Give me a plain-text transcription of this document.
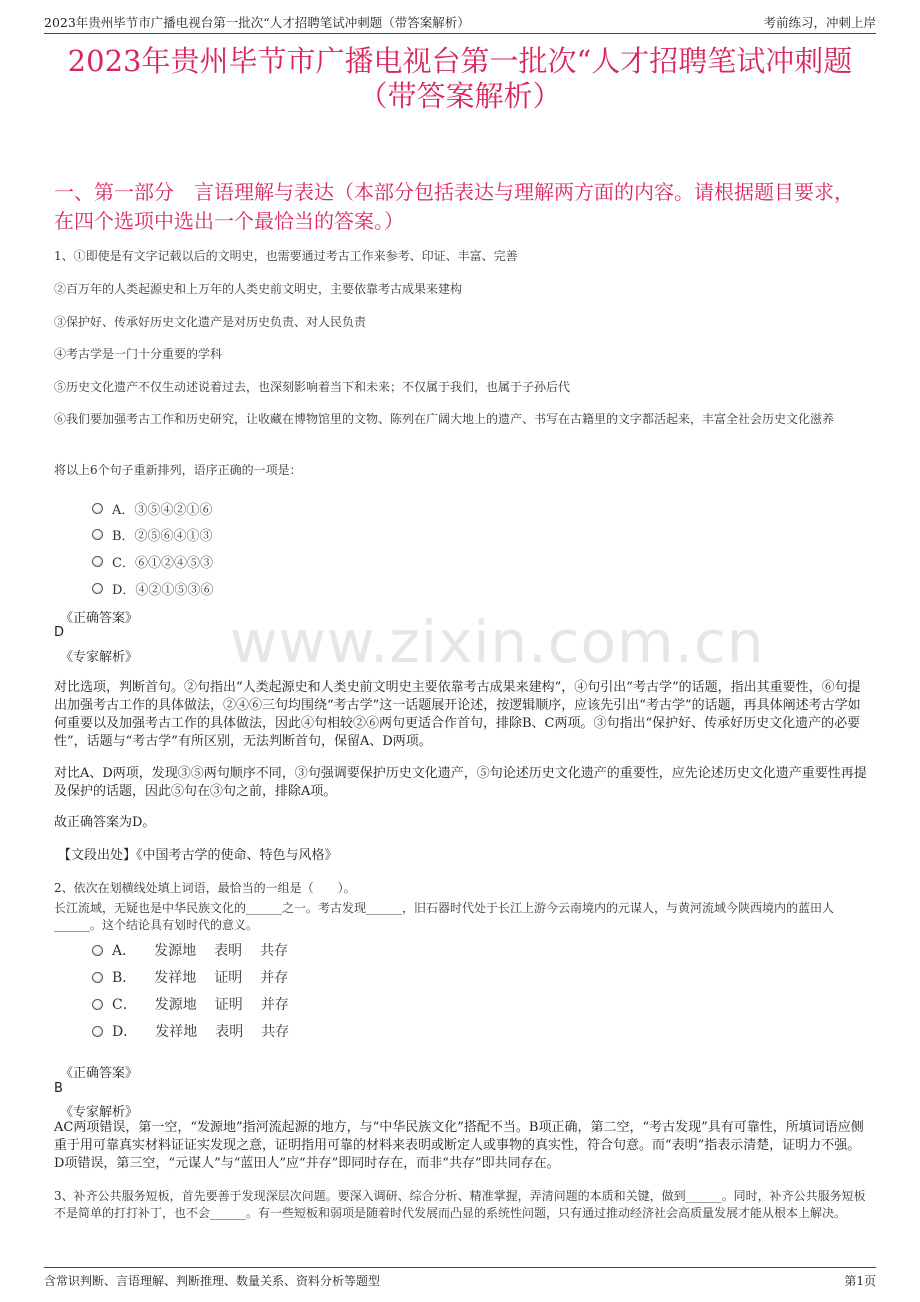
2023年贵州毕节市广播电视台第一批次“人才招聘笔试冲刺题（带答案解析）	考前练习，冲刺上岸
2023年贵州毕节市广播电视台第一批次“人才招聘笔试冲刺题
（带答案解析）
一、第一部分　言语理解与表达（本部分包括表达与理解两方面的内容。请根据题目要求，在四个选项中选出一个最恰当的答案。）
www.zixin.com.cn
1、①即使是有文字记载以后的文明史，也需要通过考古工作来参考、印证、丰富、完善
②百万年的人类起源史和上万年的人类史前文明史，主要依靠考古成果来建构
③保护好、传承好历史文化遗产是对历史负责、对人民负责
④考古学是一门十分重要的学科
⑤历史文化遗产不仅生动述说着过去，也深刻影响着当下和未来；不仅属于我们，也属于子孙后代
⑥我们要加强考古工作和历史研究，让收藏在博物馆里的文物、陈列在广阔大地上的遗产、书写在古籍里的文字都活起来，丰富全社会历史文化滋养
将以上6个句子重新排列，语序正确的一项是：
A．③⑤④②①⑥
B．②⑤⑥④①③
C．⑥①②④⑤③
D．④②①⑤③⑥
《正确答案》
D
《专家解析》
对比选项，判断首句。②句指出“人类起源史和人类史前文明史主要依靠考古成果来建构”，④句引出“考古学”的话题，指出其重要性，⑥句提出加强考古工作的具体做法，②④⑥三句均围绕“考古学”这一话题展开论述，按逻辑顺序，应该先引出“考古学”的话题，再具体阐述考古学如何重要以及加强考古工作的具体做法，因此④句相较②⑥两句更适合作首句，排除B、C两项。③句指出“保护好、传承好历史文化遗产的必要性”，话题与“考古学”有所区别，无法判断首句，保留A、D两项。
对比A、D两项，发现③⑤两句顺序不同，③句强调要保护历史文化遗产，⑤句论述历史文化遗产的重要性，应先论述历史文化遗产重要性再提及保护的话题，因此⑤句在③句之前，排除A项。
故正确答案为D。
【文段出处】《中国考古学的使命、特色与风格》
2、依次在划横线处填上词语，最恰当的一组是（　　）。
长江流域，无疑也是中华民族文化的______之一。考古发现______，旧石器时代处于长江上游今云南境内的元谋人，与黄河流域今陕西境内的蓝田人______。这个结论具有划时代的意义。
A． 发源地 表明 共存
B． 发祥地 证明 并存
C． 发源地 证明 并存
D． 发祥地 表明 共存
《正确答案》
B
《专家解析》
AC两项错误，第一空，“发源地”指河流起源的地方，与“中华民族文化”搭配不当。B项正确，第二空，“考古发现”具有可靠性，所填词语应侧重于用可靠真实材料证证实发现之意，证明指用可靠的材料来表明或断定人或事物的真实性，符合句意。而“表明”指表示清楚，证明力不强。D项错误，第三空，“元谋人”与“蓝田人”应“并存”即同时存在，而非“共存”即共同存在。
3、补齐公共服务短板，首先要善于发现深层次问题。要深入调研、综合分析、精准掌握，弄清问题的本质和关键，做到______。同时，补齐公共服务短板不是简单的打打补丁，也不会______。有一些短板和弱项是随着时代发展而凸显的系统性问题，只有通过推动经济社会高质量发展才能从根本上解决。
含常识判断、言语理解、判断推理、数量关系、资料分析等题型	第1页
